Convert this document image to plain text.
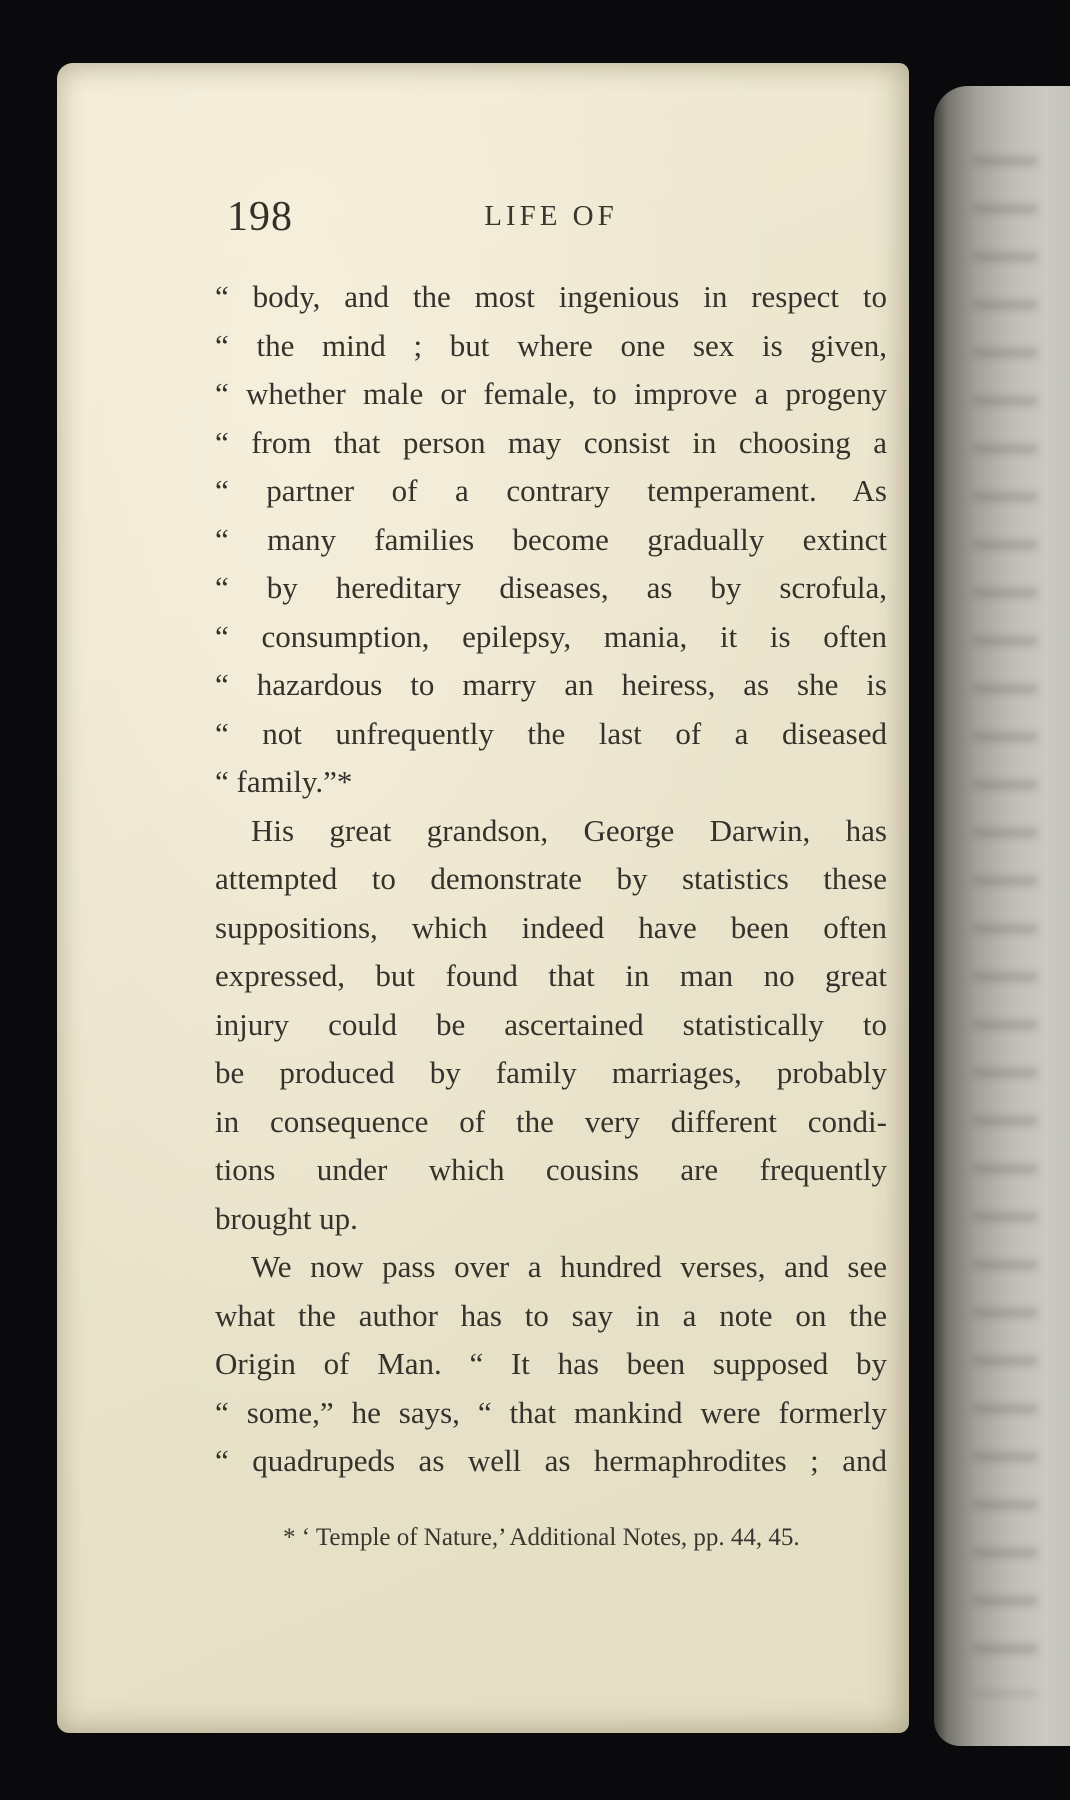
198	LIFE OF
“ body, and the most ingenious in respect to
“ the mind ; but where one sex is given,
“ whether male or female, to improve a progeny
“ from that person may consist in choosing a
“ partner of a contrary temperament. As
“ many families become gradually extinct
“ by hereditary diseases, as by scrofula,
“ consumption, epilepsy, mania, it is often
“ hazardous to marry an heiress, as she is
“ not unfrequently the last of a diseased
“ family.”*
His great grandson, George Darwin, has
attempted to demonstrate by statistics these
suppositions, which indeed have been often
expressed, but found that in man no great
injury could be ascertained statistically to
be produced by family marriages, probably
in consequence of the very different condi-
tions under which cousins are frequently
brought up.
We now pass over a hundred verses, and see
what the author has to say in a note on the
Origin of Man. “ It has been supposed by
“ some,” he says, “ that mankind were formerly
“ quadrupeds as well as hermaphrodites ; and
* ‘ Temple of Nature,’ Additional Notes, pp. 44, 45.
